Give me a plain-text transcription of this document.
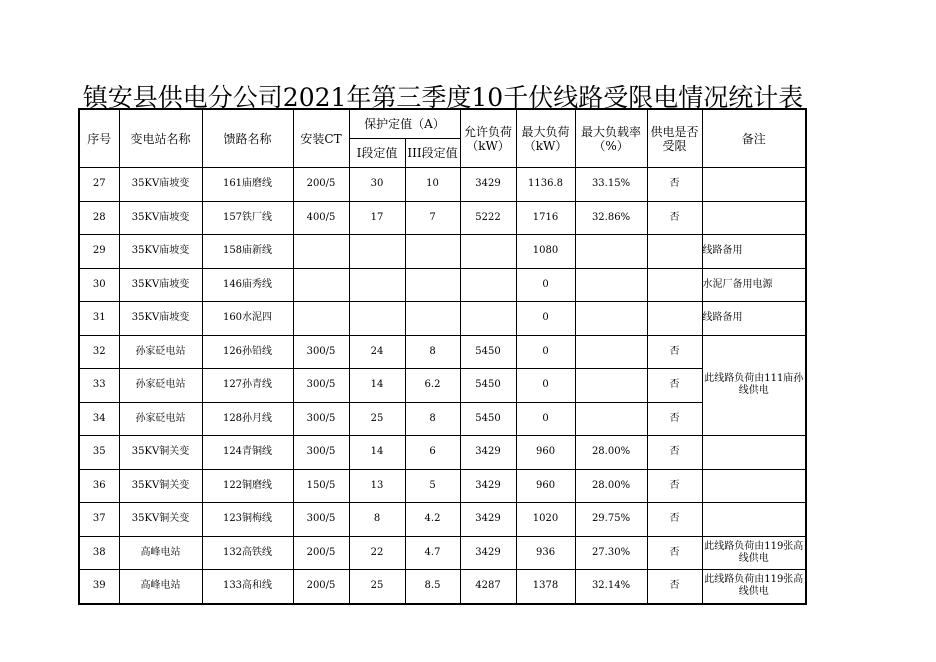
镇安县供电分公司2021年第三季度10千伏线路受限电情况统计表
序号	变电站名称	馈路名称	安装CT	保护定值（A）		允许负荷（kW）	最大负荷（kW）	最大负载率（%）	供电是否受限	备注
				I段定值	III段定值					
27	35KV庙坡变	161庙磨线	200/5	30	10	3429	1136.8	33.15%	否	
28	35KV庙坡变	157铁厂线	400/5	17	7	5222	1716	32.86%	否	
29	35KV庙坡变	158庙新线					1080			线路备用
30	35KV庙坡变	146庙秀线					0			水泥厂备用电源
31	35KV庙坡变	160水泥四					0			线路备用
32	孙家砭电站	126孙铅线	300/5	24	8	5450	0		否	此线路负荷由111庙孙线供电
33	孙家砭电站	127孙青线	300/5	14	6.2	5450	0		否	
34	孙家砭电站	128孙月线	300/5	25	8	5450	0		否	
35	35KV铜关变	124青铜线	300/5	14	6	3429	960	28.00%	否	
36	35KV铜关变	122铜磨线	150/5	13	5	3429	960	28.00%	否	
37	35KV铜关变	123铜梅线	300/5	8	4.2	3429	1020	29.75%	否	
38	高峰电站	132高铁线	200/5	22	4.7	3429	936	27.30%	否	此线路负荷由119张高线供电
39	高峰电站	133高和线	200/5	25	8.5	4287	1378	32.14%	否	此线路负荷由119张高线供电
